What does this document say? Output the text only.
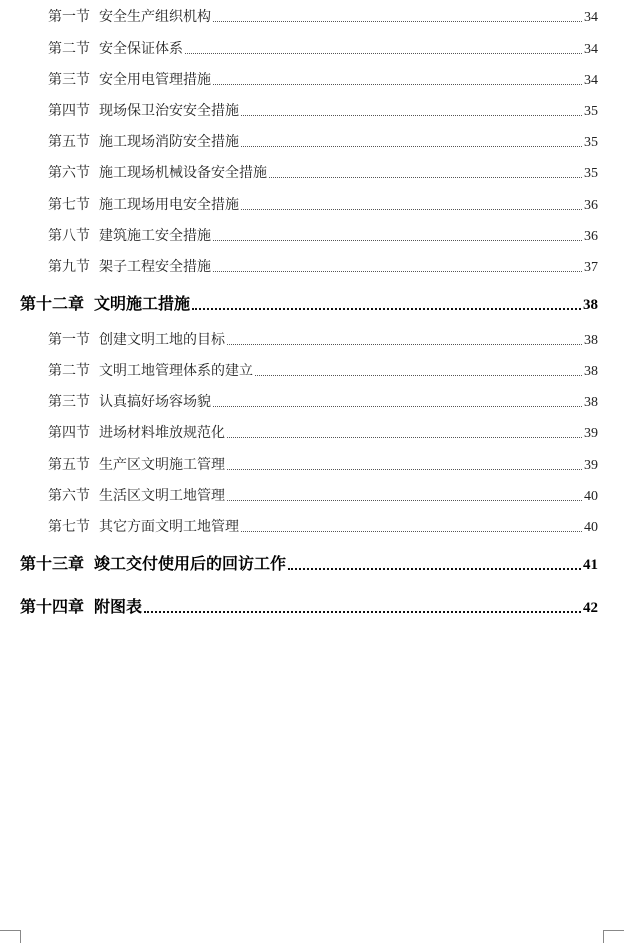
第一节 安全生产组织机构	34
第二节 安全保证体系	34
第三节 安全用电管理措施	34
第四节 现场保卫治安安全措施	35
第五节 施工现场消防安全措施	35
第六节 施工现场机械设备安全措施	35
第七节 施工现场用电安全措施	36
第八节 建筑施工安全措施	36
第九节 架子工程安全措施	37
第十二章 文明施工措施	38
第一节 创建文明工地的目标	38
第二节 文明工地管理体系的建立	38
第三节 认真搞好场容场貌	38
第四节 进场材料堆放规范化	39
第五节 生产区文明施工管理	39
第六节 生活区文明工地管理	40
第七节 其它方面文明工地管理	40
第十三章 竣工交付使用后的回访工作	41
第十四章 附图表	42
